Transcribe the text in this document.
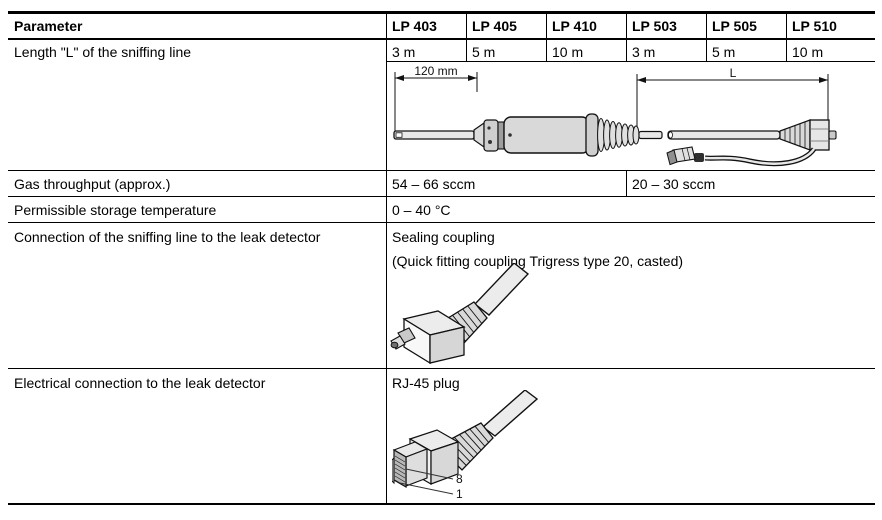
Parameter	LP 403	LP 405	LP 410	LP 503	LP 505	LP 510
Length "L" of the sniffing line	3 m	5 m	10 m	3 m	5 m	10 m
120 mm	L
Gas throughput (approx.)	54 – 66 sccm	20 – 30 sccm
Permissible storage temperature	0 – 40 °C
Connection of the sniffing line to the leak detector	Sealing coupling
(Quick fitting coupling Trigress type 20, casted)
Electrical connection to the leak detector	RJ-45 plug
8
1
